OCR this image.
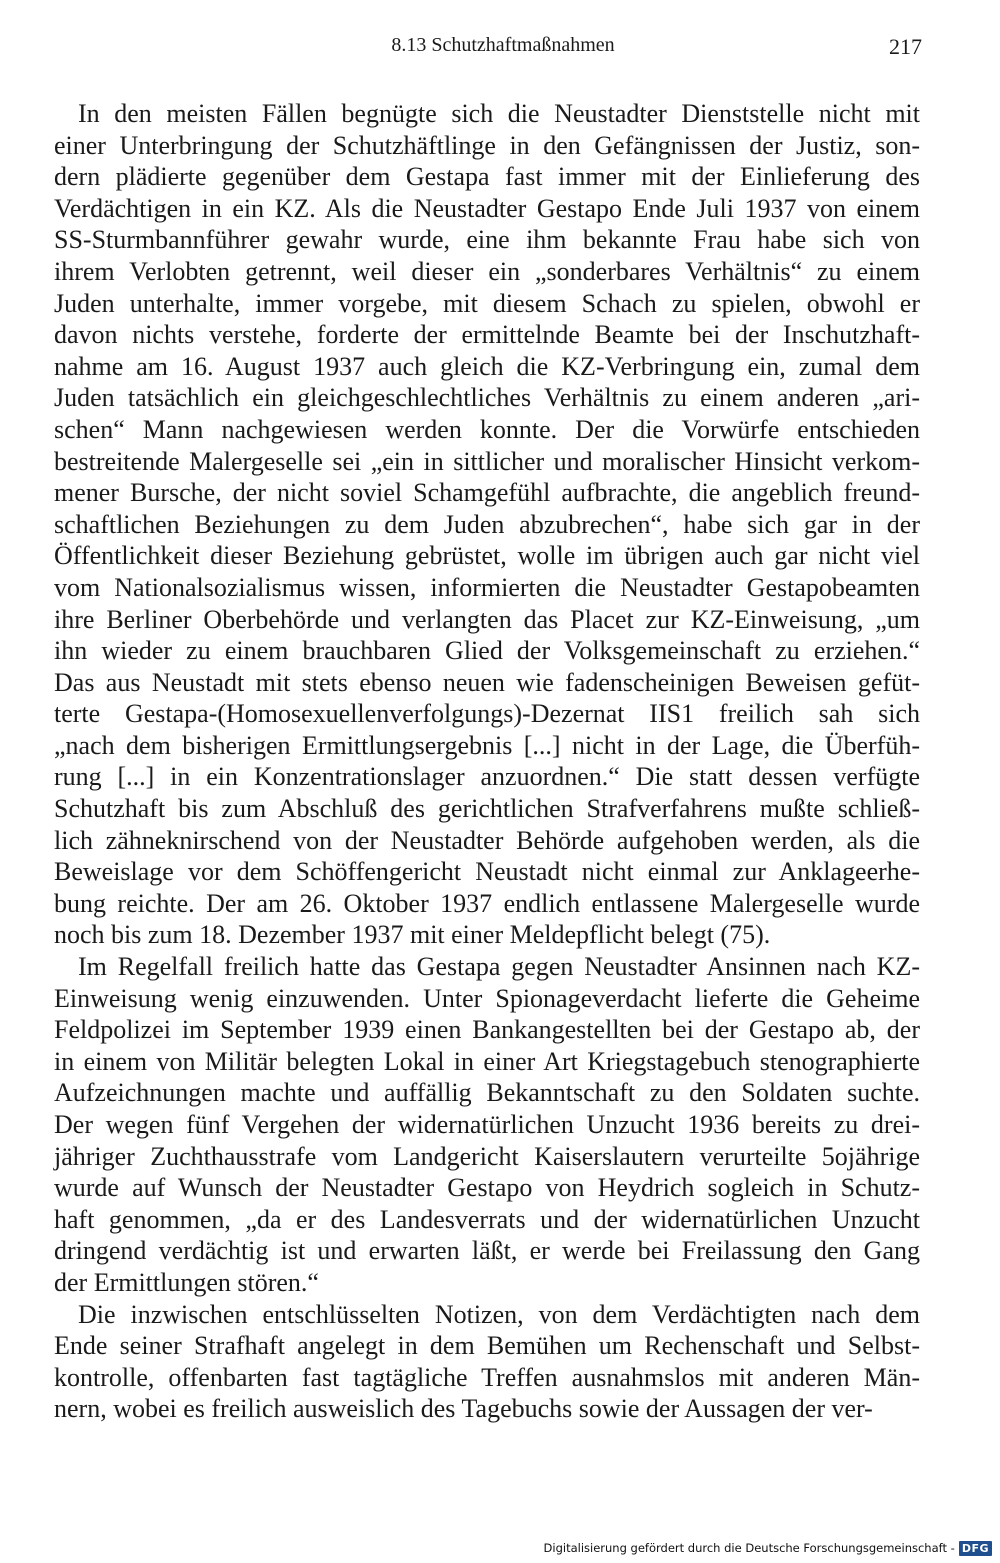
8.13 Schutzhaftmaßnahmen	217
In den meisten Fällen begnügte sich die Neustadter Dienststelle nicht mit
einer Unterbringung der Schutzhäftlinge in den Gefängnissen der Justiz, son-
dern plädierte gegenüber dem Gestapa fast immer mit der Einlieferung des
Verdächtigen in ein KZ. Als die Neustadter Gestapo Ende Juli 1937 von einem
SS-Sturmbannführer gewahr wurde, eine ihm bekannte Frau habe sich von
ihrem Verlobten getrennt, weil dieser ein „sonderbares Verhältnis“ zu einem
Juden unterhalte, immer vorgebe, mit diesem Schach zu spielen, obwohl er
davon nichts verstehe, forderte der ermittelnde Beamte bei der Inschutzhaft-
nahme am 16. August 1937 auch gleich die KZ-Verbringung ein, zumal dem
Juden tatsächlich ein gleichgeschlechtliches Verhältnis zu einem anderen „ari-
schen“ Mann nachgewiesen werden konnte. Der die Vorwürfe entschieden
bestreitende Malergeselle sei „ein in sittlicher und moralischer Hinsicht verkom-
mener Bursche, der nicht soviel Schamgefühl aufbrachte, die angeblich freund-
schaftlichen Beziehungen zu dem Juden abzubrechen“, habe sich gar in der
Öffentlichkeit dieser Beziehung gebrüstet, wolle im übrigen auch gar nicht viel
vom Nationalsozialismus wissen, informierten die Neustadter Gestapobeamten
ihre Berliner Oberbehörde und verlangten das Placet zur KZ-Einweisung, „um
ihn wieder zu einem brauchbaren Glied der Volksgemeinschaft zu erziehen.“
Das aus Neustadt mit stets ebenso neuen wie fadenscheinigen Beweisen gefüt-
terte Gestapa-(Homosexuellenverfolgungs)-Dezernat IIS1 freilich sah sich
„nach dem bisherigen Ermittlungsergebnis [...] nicht in der Lage, die Überfüh-
rung [...] in ein Konzentrationslager anzuordnen.“ Die statt dessen verfügte
Schutzhaft bis zum Abschluß des gerichtlichen Strafverfahrens mußte schließ-
lich zähneknirschend von der Neustadter Behörde aufgehoben werden, als die
Beweislage vor dem Schöffengericht Neustadt nicht einmal zur Anklageerhe-
bung reichte. Der am 26. Oktober 1937 endlich entlassene Malergeselle wurde
noch bis zum 18. Dezember 1937 mit einer Meldepflicht belegt (75).
Im Regelfall freilich hatte das Gestapa gegen Neustadter Ansinnen nach KZ-
Einweisung wenig einzuwenden. Unter Spionageverdacht lieferte die Geheime
Feldpolizei im September 1939 einen Bankangestellten bei der Gestapo ab, der
in einem von Militär belegten Lokal in einer Art Kriegstagebuch stenographierte
Aufzeichnungen machte und auffällig Bekanntschaft zu den Soldaten suchte.
Der wegen fünf Vergehen der widernatürlichen Unzucht 1936 bereits zu drei-
jähriger Zuchthausstrafe vom Landgericht Kaiserslautern verurteilte 5ojährige
wurde auf Wunsch der Neustadter Gestapo von Heydrich sogleich in Schutz-
haft genommen, „da er des Landesverrats und der widernatürlichen Unzucht
dringend verdächtig ist und erwarten läßt, er werde bei Freilassung den Gang
der Ermittlungen stören.“
Die inzwischen entschlüsselten Notizen, von dem Verdächtigten nach dem
Ende seiner Strafhaft angelegt in dem Bemühen um Rechenschaft und Selbst-
kontrolle, offenbarten fast tagtägliche Treffen ausnahmslos mit anderen Män-
nern, wobei es freilich ausweislich des Tagebuchs sowie der Aussagen der ver-
Digitalisierung gefördert durch die Deutsche Forschungsgemeinschaft - DFG
